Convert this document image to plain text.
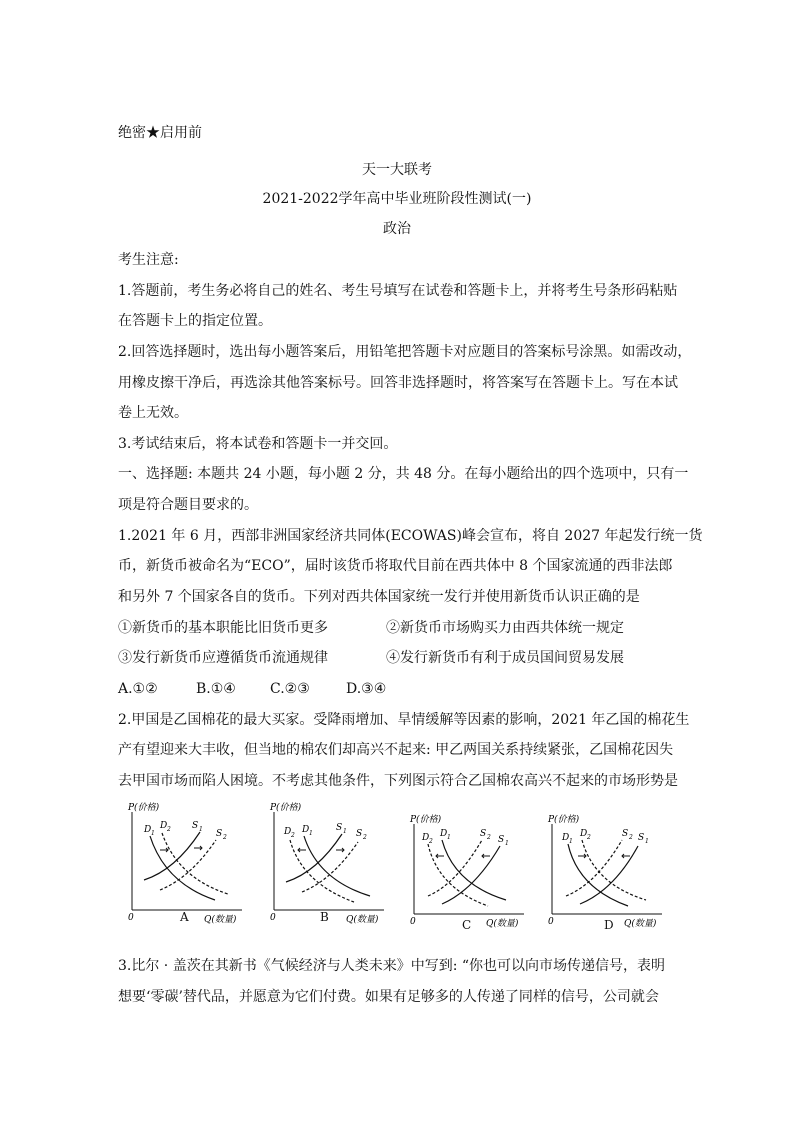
绝密★启用前
天一大联考
2021-2022学年高中毕业班阶段性测试(一)
政治
考生注意:
1.答题前，考生务必将自己的姓名、考生号填写在试卷和答题卡上，并将考生号条形码粘贴
在答题卡上的指定位置。
2.回答选择题时，选出每小题答案后，用铅笔把答题卡对应题目的答案标号涂黑。如需改动，
用橡皮擦干净后，再选涂其他答案标号。回答非选择题时，将答案写在答题卡上。写在本试
卷上无效。
3.考试结束后，将本试卷和答题卡一并交回。
一、选择题: 本题共 24 小题，每小题 2 分，共 48 分。在每小题给出的四个选项中，只有一
项是符合题目要求的。
1.2021 年 6 月，西部非洲国家经济共同体(ECOWAS)峰会宣布，将自 2027 年起发行统一货
币，新货币被命名为“ECO”，届时该货币将取代目前在西共体中 8 个国家流通的西非法郎
和另外 7 个国家各自的货币。下列对西共体国家统一发行并使用新货币认识正确的是
①新货币的基本职能比旧货币更多	②新货币市场购买力由西共体统一规定
③发行新货币应遵循货币流通规律	④发行新货币有利于成员国间贸易发展
A.①②	B.①④ C.②③	D.③④
2.甲国是乙国棉花的最大买家。受降雨增加、旱情缓解等因素的影响，2021 年乙国的棉花生
产有望迎来大丰收，但当地的棉农们却高兴不起来: 甲乙两国关系持续紧张，乙国棉花因失
去甲国市场而陷人困境。不考虑其他条件，下列图示符合乙国棉农高兴不起来的市场形势是
P(价格)
0	Q(数量)
D 1
D 2 S 1 S 2
A
P(价格)
0	Q(数量)
D 2
D 1
S 1 S 2
B
P(价格)
0	Q(数量)
D 2
D 1	S 2 S 1
C
P(价格)
0	Q(数量)
D 1
D 2	S 2 S 1
D
3.比尔 · 盖茨在其新书《气候经济与人类未来》中写到: “你也可以向市场传递信号，表明
想要‘零碳’替代品，并愿意为它们付费。如果有足够多的人传递了同样的信号，公司就会
